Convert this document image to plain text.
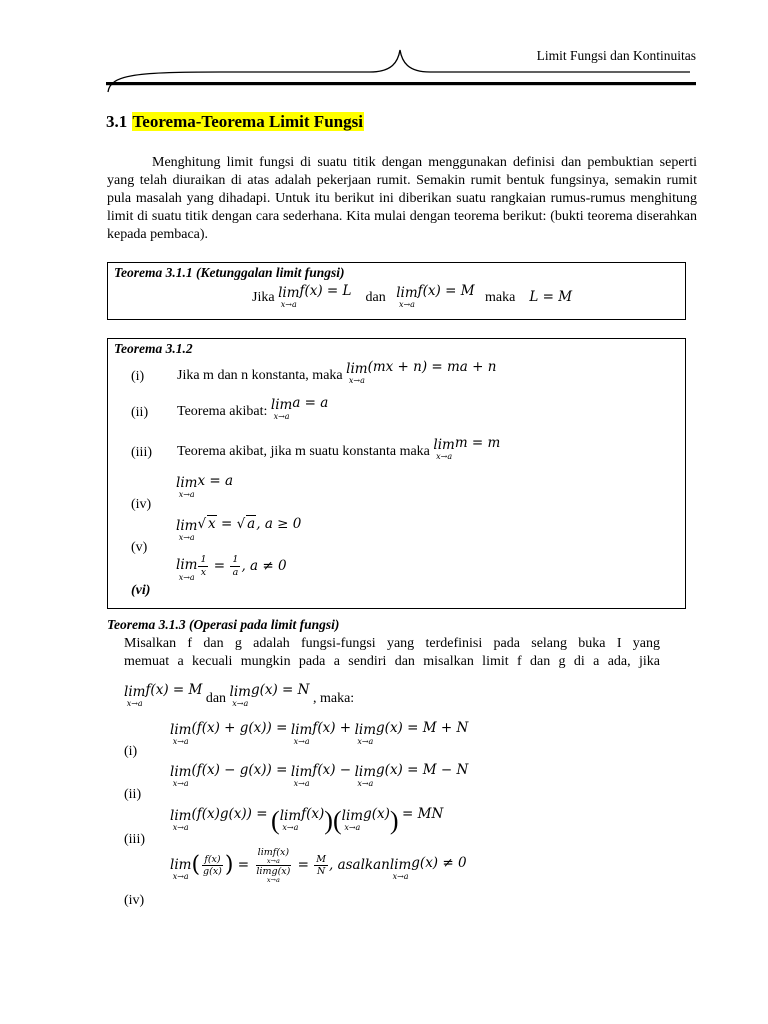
Limit Fungsi dan Kontinuitas
3.1 Teorema-Teorema Limit Fungsi
Menghitung limit fungsi di suatu titik dengan menggunakan definisi dan pembuktian seperti yang telah diuraikan di atas adalah pekerjaan rumit. Semakin rumit bentuk fungsinya, semakin rumit pula masalah yang dihadapi. Untuk itu berikut ini diberikan suatu rangkaian rumus-rumus menghitung limit di suatu titik dengan cara sederhana. Kita mulai dengan teorema berikut: (bukti teorema diserahkan kepada pembaca).
Teorema 3.1.1 (Ketunggalan limit fungsi)
Jika lim
x→a
f(x) = L dan lim
x→a
f(x) = M maka L = M
Teorema 3.1.2
(i) Jika m dan n konstanta, maka lim
x→a
(mx + n) = ma + n
(ii) Teorema akibat: lim
x→a
a = a
(iii) Teorema akibat, jika m suatu konstanta maka lim
x→a
m = m
lim
x→a
x = a
(iv)
lim
x→a
√ x = √ a, a ≥ 0
(v)
lim
x→a
$\frac{1}{x} = \frac{1}{a}$ , a ≠ 0
(vi)
Teorema 3.1.3 (Operasi pada limit fungsi)
Misalkan f dan g adalah fungsi-fungsi yang terdefinisi pada selang buka I yang
memuat a kecuali mungkin pada a sendiri dan misalkan limit f dan g di a ada, jika
lim
x→a
f(x) = M dan lim
x→a
g(x) = N , maka:
lim
x→a
(f(x) + g(x)) = lim
x→a
f(x) + lim
x→a
g(x) = M + N
(i)
lim
x→a
(f(x) − g(x)) = lim
x→a
f(x) − lim
x→a
g(x) = M − N
(ii)
lim
x→a
(f(x)g(x)) = ( lim
x→a
f(x))( lim
x→a
g(x)) = MN
(iii)
lim
x→a ( $\frac{f(x)}{g(x)}$ ) = limf(x)
x→a
limg(x)
$x\to a = \frac{M}{N}$ , asalkan lim
x→a
g(x) ≠ 0
(iv)
